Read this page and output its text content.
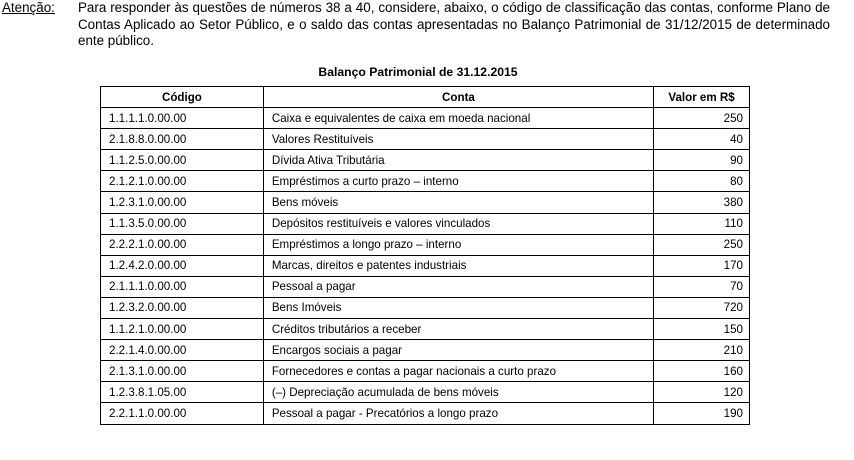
Atenção: Para responder às questões de números 38 a 40, considere, abaixo, o código de classificação das contas, conforme Plano de Contas Aplicado ao Setor Público, e o saldo das contas apresentadas no Balanço Patrimonial de 31/12/2015 de determinado ente público.
Balanço Patrimonial de 31.12.2015
Código	Conta	Valor em R$
1.1.1.1.0.00.00	Caixa e equivalentes de caixa em moeda nacional	250
2.1.8.8.0.00.00	Valores Restituíveis	40
1.1.2.5.0.00.00	Dívida Ativa Tributária	90
2.1.2.1.0.00.00	Empréstimos a curto prazo – interno	80
1.2.3.1.0.00.00	Bens móveis	380
1.1.3.5.0.00.00	Depósitos restituíveis e valores vinculados	110
2.2.2.1.0.00.00	Empréstimos a longo prazo – interno	250
1.2.4.2.0.00.00	Marcas, direitos e patentes industriais	170
2.1.1.1.0.00.00	Pessoal a pagar	70
1.2.3.2.0.00.00	Bens Imóveis	720
1.1.2.1.0.00.00	Créditos tributários a receber	150
2.2.1.4.0.00.00	Encargos sociais a pagar	210
2.1.3.1.0.00.00	Fornecedores e contas a pagar nacionais a curto prazo	160
1.2.3.8.1.05.00	(–) Depreciação acumulada de bens móveis	120
2.2.1.1.0.00.00	Pessoal a pagar - Precatórios a longo prazo	190
